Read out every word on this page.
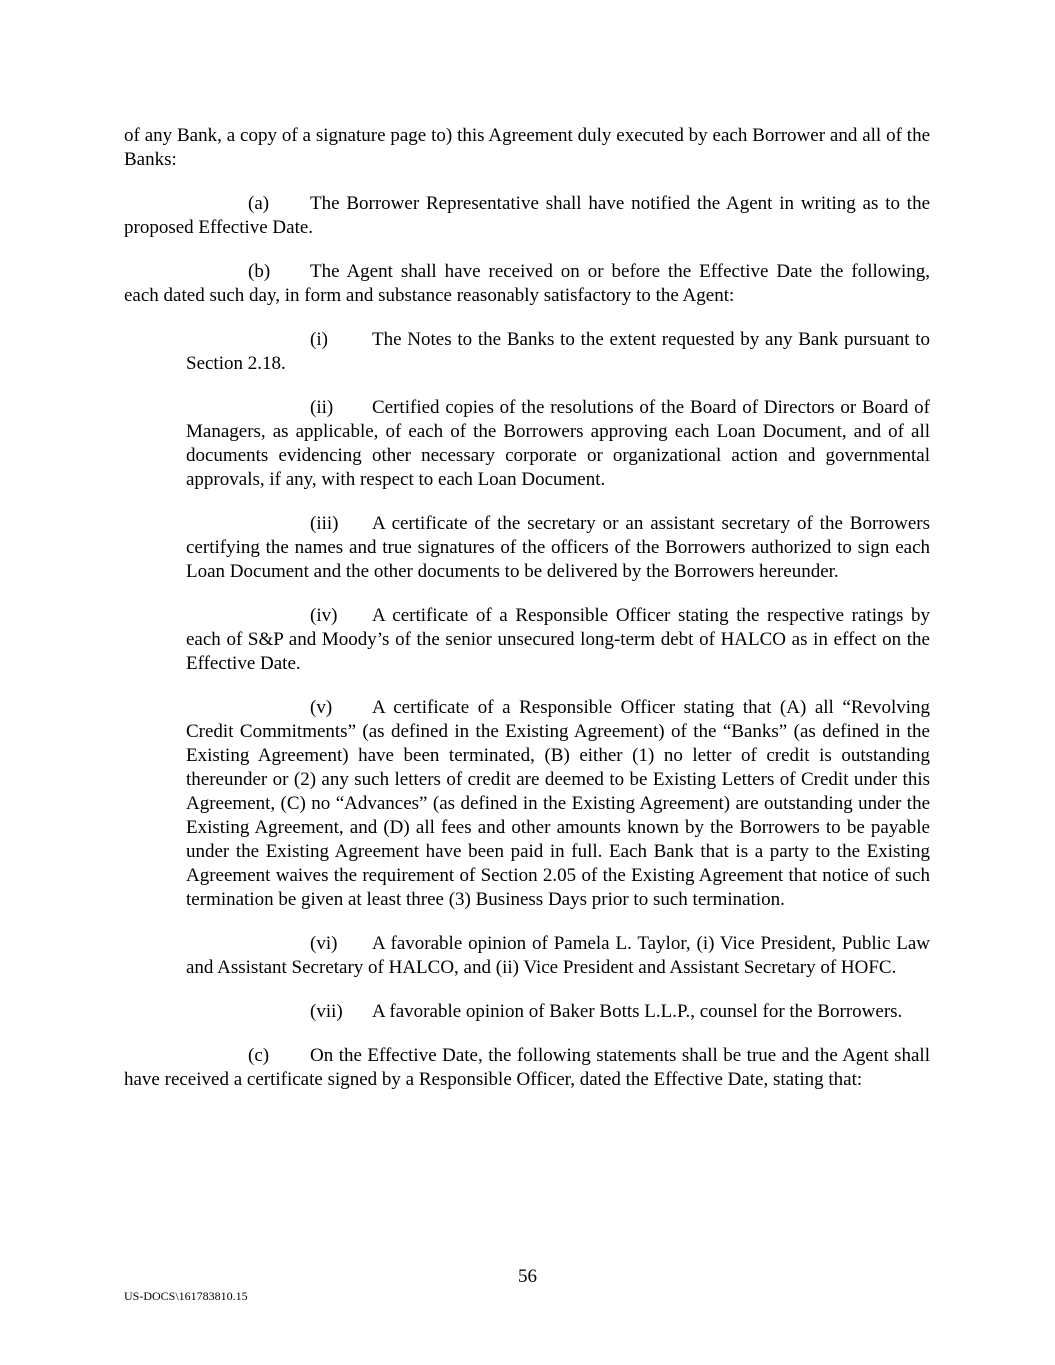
of any Bank, a copy of a signature page to) this Agreement duly executed by each Borrower and all of the Banks:

(a) The Borrower Representative shall have notified the Agent in writing as to the proposed Effective Date.

(b) The Agent shall have received on or before the Effective Date the following, each dated such day, in form and substance reasonably satisfactory to the Agent:

(i) The Notes to the Banks to the extent requested by any Bank pursuant to Section 2.18.

(ii) Certified copies of the resolutions of the Board of Directors or Board of Managers, as applicable, of each of the Borrowers approving each Loan Document, and of all documents evidencing other necessary corporate or organizational action and governmental approvals, if any, with respect to each Loan Document.

(iii) A certificate of the secretary or an assistant secretary of the Borrowers certifying the names and true signatures of the officers of the Borrowers authorized to sign each Loan Document and the other documents to be delivered by the Borrowers hereunder.

(iv) A certificate of a Responsible Officer stating the respective ratings by each of S&P and Moody’s of the senior unsecured long-term debt of HALCO as in effect on the Effective Date.

(v) A certificate of a Responsible Officer stating that (A) all “Revolving Credit Commitments” (as defined in the Existing Agreement) of the “Banks” (as defined in the Existing Agreement) have been terminated, (B) either (1) no letter of credit is outstanding thereunder or (2) any such letters of credit are deemed to be Existing Letters of Credit under this Agreement, (C) no “Advances” (as defined in the Existing Agreement) are outstanding under the Existing Agreement, and (D) all fees and other amounts known by the Borrowers to be payable under the Existing Agreement have been paid in full. Each Bank that is a party to the Existing Agreement waives the requirement of Section 2.05 of the Existing Agreement that notice of such termination be given at least three (3) Business Days prior to such termination.

(vi) A favorable opinion of Pamela L. Taylor, (i) Vice President, Public Law and Assistant Secretary of HALCO, and (ii) Vice President and Assistant Secretary of HOFC.

(vii) A favorable opinion of Baker Botts L.L.P., counsel for the Borrowers.

(c) On the Effective Date, the following statements shall be true and the Agent shall have received a certificate signed by a Responsible Officer, dated the Effective Date, stating that:

56
US-DOCS\161783810.15
